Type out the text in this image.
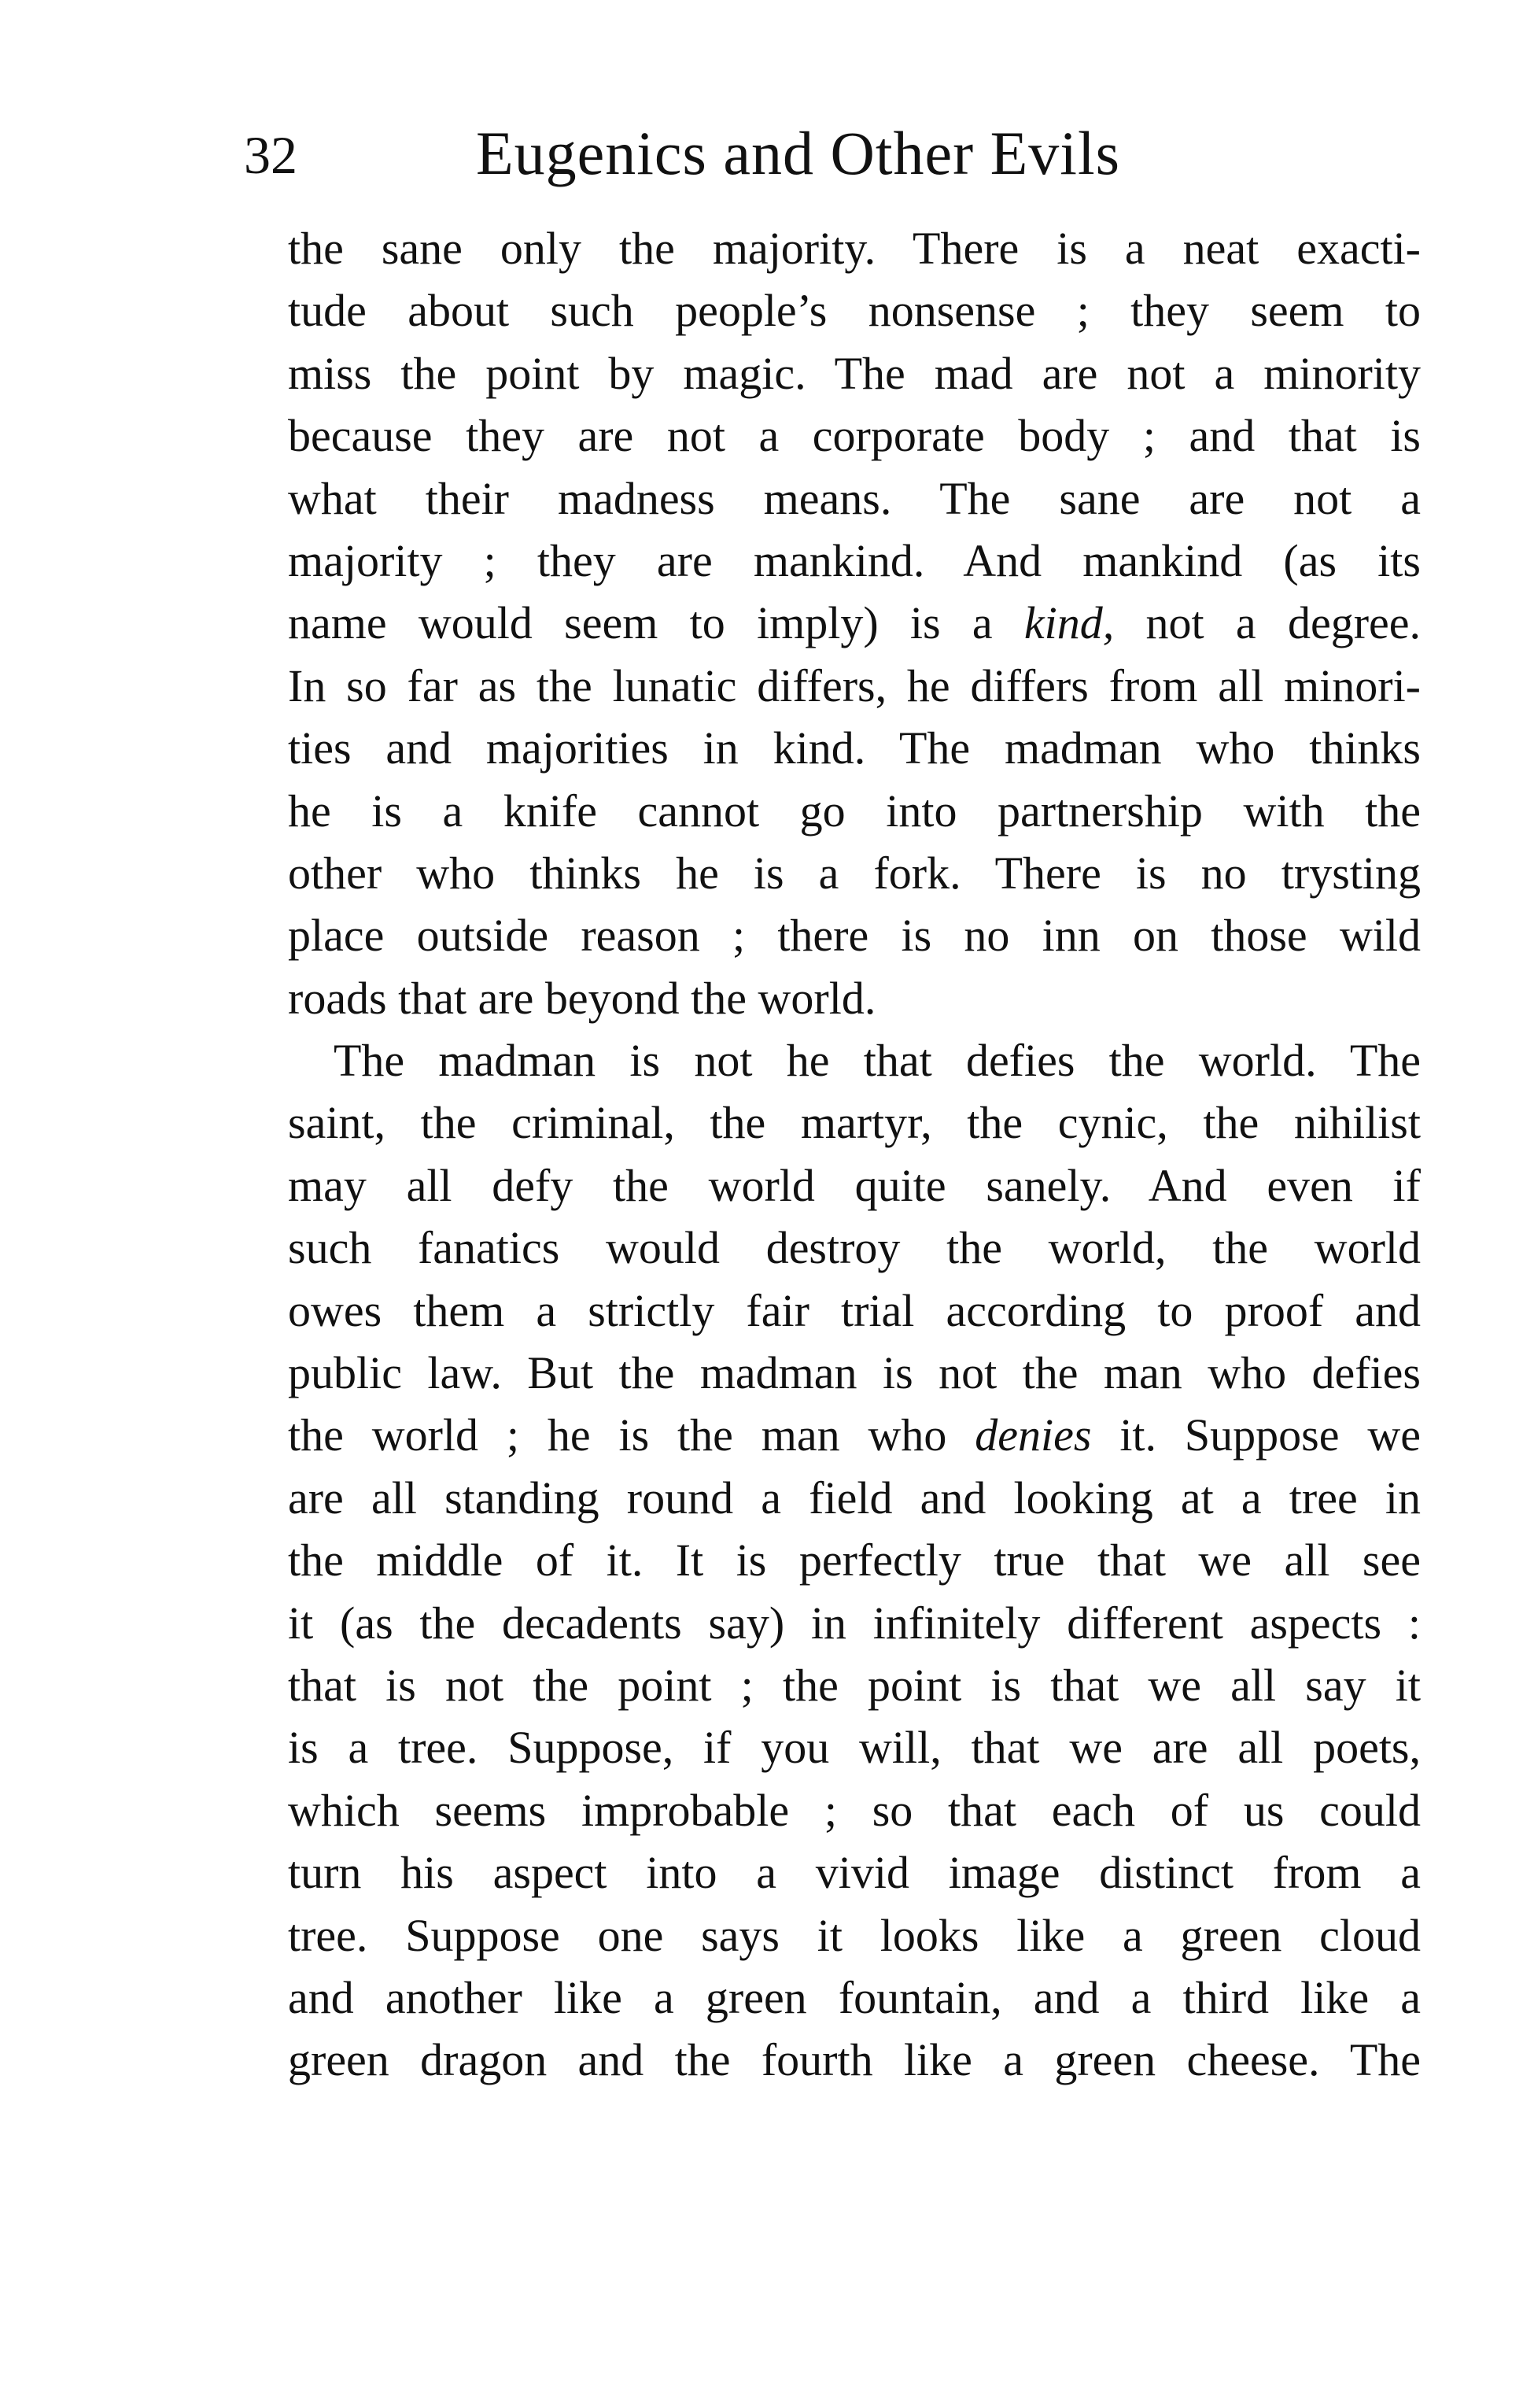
32	Eugenics and Other Evils
the sane only the majority. There is a neat exacti-
tude about such people’s nonsense ; they seem to
miss the point by magic. The mad are not a minority
because they are not a corporate body ; and that is
what their madness means. The sane are not a
majority ; they are mankind. And mankind (as its
name would seem to imply) is a kind, not a degree.
In so far as the lunatic differs, he differs from all minori-
ties and majorities in kind. The madman who thinks
he is a knife cannot go into partnership with the
other who thinks he is a fork. There is no trysting
place outside reason ; there is no inn on those wild
roads that are beyond the world.
The madman is not he that defies the world. The
saint, the criminal, the martyr, the cynic, the nihilist
may all defy the world quite sanely. And even if
such fanatics would destroy the world, the world
owes them a strictly fair trial according to proof and
public law. But the madman is not the man who defies
the world ; he is the man who denies it. Suppose we
are all standing round a field and looking at a tree in
the middle of it. It is perfectly true that we all see
it (as the decadents say) in infinitely different aspects :
that is not the point ; the point is that we all say it
is a tree. Suppose, if you will, that we are all poets,
which seems improbable ; so that each of us could
turn his aspect into a vivid image distinct from a
tree. Suppose one says it looks like a green cloud
and another like a green fountain, and a third like a
green dragon and the fourth like a green cheese. The
